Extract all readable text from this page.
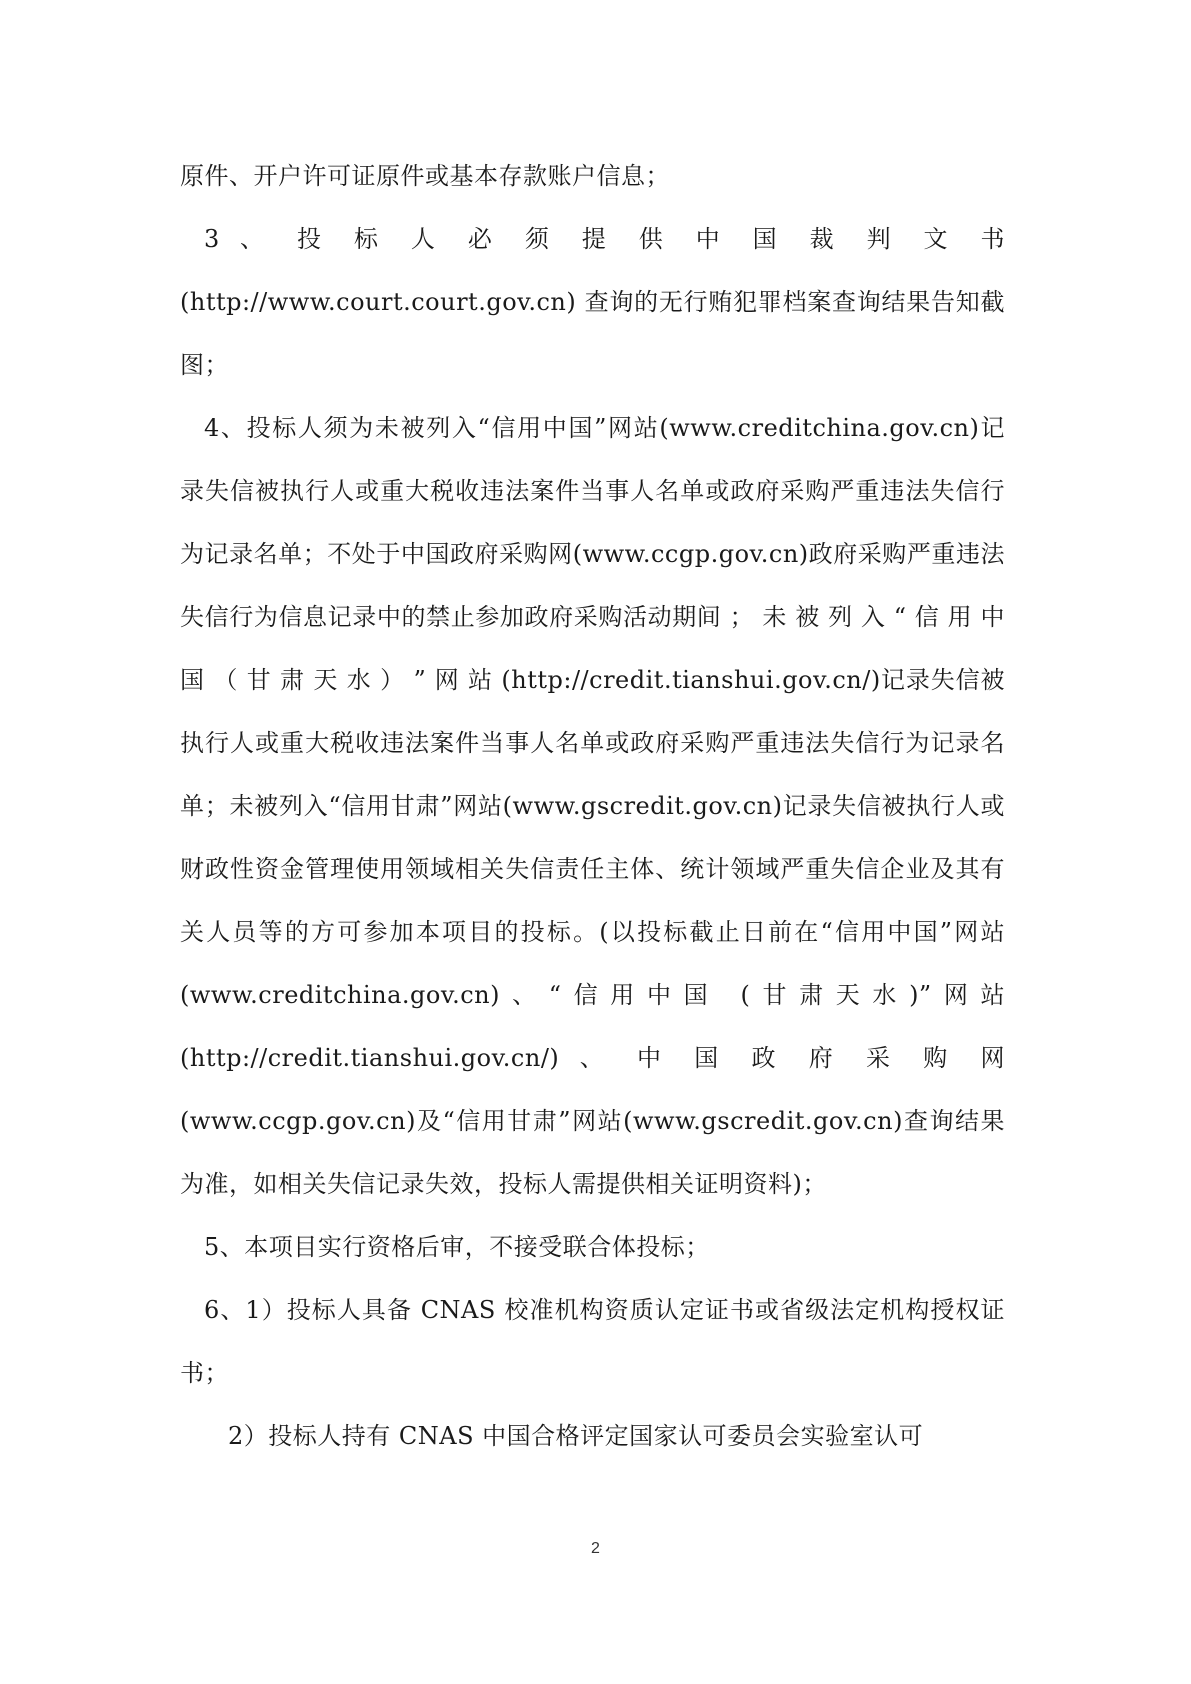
原件、开户许可证原件或基本存款账户信息；

3 、 投 标 人 必 须 提 供 中 国 裁 判 文 书 (http://www.court.court.gov.cn) 查询的无行贿犯罪档案查询结果告知截图；

4、投标人须为未被列入“信用中国”网站(www.creditchina.gov.cn)记录失信被执行人或重大税收违法案件当事人名单或政府采购严重违法失信行为记录名单；不处于中国政府采购网(www.ccgp.gov.cn)政府采购严重违法失信行为信息记录中的禁止参加政府采购活动期间 ； 未 被 列 入 “ 信 用 中 国 （ 甘 肃 天 水 ） ” 网 站 (http://credit.tianshui.gov.cn/)记录失信被执行人或重大税收违法案件当事人名单或政府采购严重违法失信行为记录名单；未被列入“信用甘肃”网站(www.gscredit.gov.cn)记录失信被执行人或财政性资金管理使用领域相关失信责任主体、统计领域严重失信企业及其有关人员等的方可参加本项目的投标。(以投标截止日前在“信用中国”网站(www.creditchina.gov.cn)、“信用中国 (甘肃天水)”网站 (http://credit.tianshui.gov.cn/) 、 中 国 政 府 采 购 网 (www.ccgp.gov.cn)及“信用甘肃”网站(www.gscredit.gov.cn)查询结果为准，如相关失信记录失效，投标人需提供相关证明资料)；

5、本项目实行资格后审，不接受联合体投标；

6、1）投标人具备 CNAS 校准机构资质认定证书或省级法定机构授权证书；

2）投标人持有 CNAS 中国合格评定国家认可委员会实验室认可

2
